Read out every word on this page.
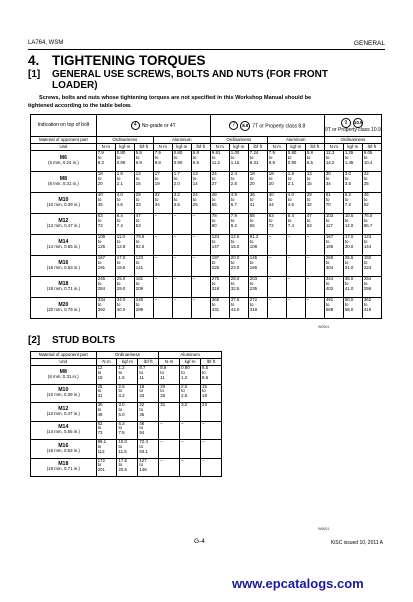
LA764, WSM	GENERAL
4. TIGHTENING TORQUES
[1] GENERAL USE SCREWS, BOLTS AND NUTS (FOR FRONT
LOADER)
Screws, bolts and nuts whose tightening torques are not specified in this Workshop Manual should be
tightened according to the table below.
Indication on top of bolt	4 No-grade or 4T						7 8.8 7T or Property class 8.8						9 10.9
9T or Property class 10.9		
Material of opponent part	Ordinariness			Aluminum			Ordinariness			Aluminum			Ordinariness		
Unit	N·m	kgf·m	lbf·ft	N·m	kgf·m	lbf·ft	N·m	kgf·m	lbf·ft	N·m	kgf·m	lbf·ft	N·m	kgf·m	lbf·ft

M6
(6 mm, 0.24 in.)	7.9
to
9.3	0.80
to
0.95	5.8
to
6.9	7.9
to
8.8	0.80
to
0.90	5.8
to
6.5	9.81
to
11.2	1.00
to
1.15	7.24
to
8.31	7.9
to
8.8	0.80
to
0.90	5.8
to
6.5	12.3
to
14.2	1.25
to
1.45	9.05
to
10.4

M8
(8 mm, 0.31 in.)	18
to
20	1.8
to
2.1	13
to
15	17
to
19	1.7
to
2.0	13
to
14	24
to
27	2.4
to
2.8	18
to
20	18
to
20	1.8
to
2.1	13
to
15	30
to
34	3.0
to
3.5	22
to
25

M10
(10 mm, 0.39 in.)	40
to
45	4.0
to
4.6	29
to
33	32
to
34	3.2
to
3.5	24
to
25	48
to
55	4.9
to
5.7	36
to
41	40
to
44	4.0
to
4.5	29
to
32	61
to
70	6.2
to
7.2	45
to
52

M12
(12 mm, 0.47 in.)	63
to
72	6.4
to
7.4	47
to
53	–	–	–	78
to
90	7.9
to
9.2	58
to
66	63
to
72	6.4
to
7.4	47
to
53	103
to
117	10.5
to
12.0	76.0
to
86.7

M14
(14 mm, 0.55 in.)	108
to
125	11.0
to
12.8	79.6
to
92.5	–	–	–	124
to
147	12.6
to
15.0	91.2
to
108	–	–	–	167
to
196	17.0
to
20.0	123
to
144

M16
(16 mm, 0.63 in.)	167
to
191	17.0
to
19.5	123
to
141	–	–	–	197
to
225	20.0
to
23.0	145
to
166	–	–	–	260
to
304	26.5
to
31.0	192
to
224

M18
(18 mm, 0.71 in.)	246
to
284	25.0
to
29.0	181
to
209	–	–	–	275
to
318	28.0
to
32.5	203
to
235	–	–	–	344
to
402	35.0
to
41.0	254
to
296

M20
(20 mm, 0.79 in.)	334
to
392	34.0
to
40.0	246
to
289	–	–	–	368
to
431	37.5
to
44.0	272
to
318	–	–	–	491
to
568	50.0
to
58.0	362
to
419
W9001
[2] STUD BOLTS
Material of opponent part	Ordinariness			Aluminum		
Unit	N·m	kgf·m	lbf·ft	N·m	kgf·m	lbf·ft

M8
(8 mm, 0.31 in.)	12
to
15	1.2
to
1.6	8.7
to
11	8.9
to
11	0.90
to
1.2	6.5
to
8.6

M10
(10 mm, 0.39 in.)	25
to
31	2.5
to
3.2	18
to
23	20
to
25	2.0
to
2.6	15
to
18

M12
(12 mm, 0.47 in.)	30
to
49	3.0
to
5.0	22
to
36	31	3.2	23

M14
(14 mm, 0.55 in.)	62
to
73	6.3
to
7.5	46
to
54	–	–	–

M16
(16 mm, 0.63 in.)	98.1
to
112	10.0
to
11.5	72.4
to
83.1	–	–	–

M18
(18 mm, 0.71 in.)	172
to
201	17.5
to
20.5	127
to
148	–	–	–
W9001
G-4	KiSC issued 10, 2011 A
www.epcatalogs.com
